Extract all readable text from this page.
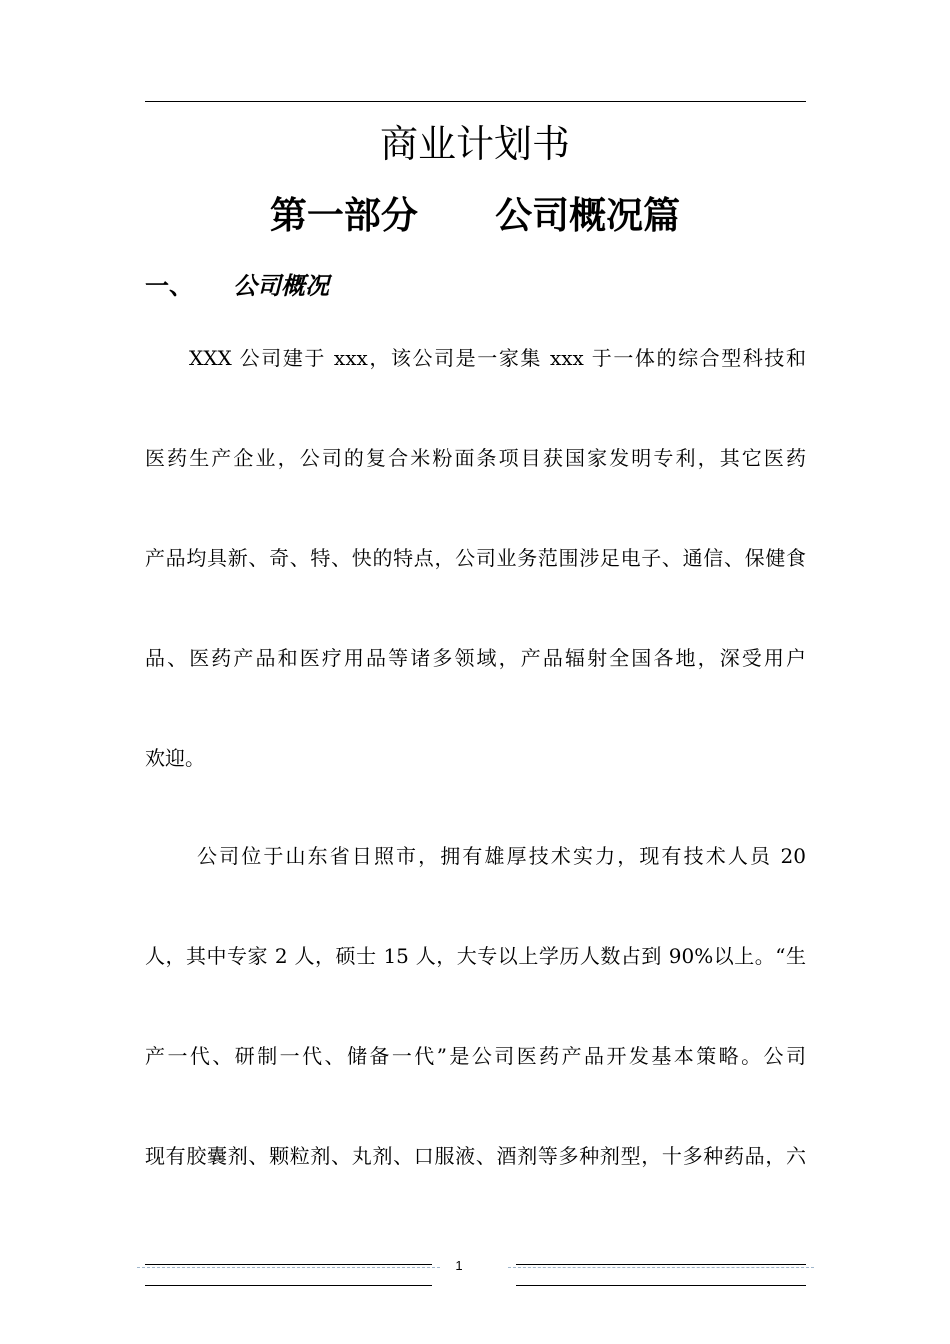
商业计划书
第一部分      公司概况篇
一、 公司概况
XXX 公司建于 xxx，该公司是一家集 xxx 于一体的综合型科技和
医药生产企业，公司的复合米粉面条项目获国家发明专利，其它医药
产品均具新、奇、特、快的特点，公司业务范围涉足电子、通信、保健食
品、医药产品和医疗用品等诸多领域，产品辐射全国各地，深受用户
欢迎。
公司位于山东省日照市，拥有雄厚技术实力，现有技术人员 20
人，其中专家 2 人，硕士 15 人，大专以上学历人数占到 90%以上。“生
产一代、研制一代、储备一代”是公司医药产品开发基本策略。公司
现有胶囊剂、颗粒剂、丸剂、口服液、酒剂等多种剂型，十多种药品，六
1
